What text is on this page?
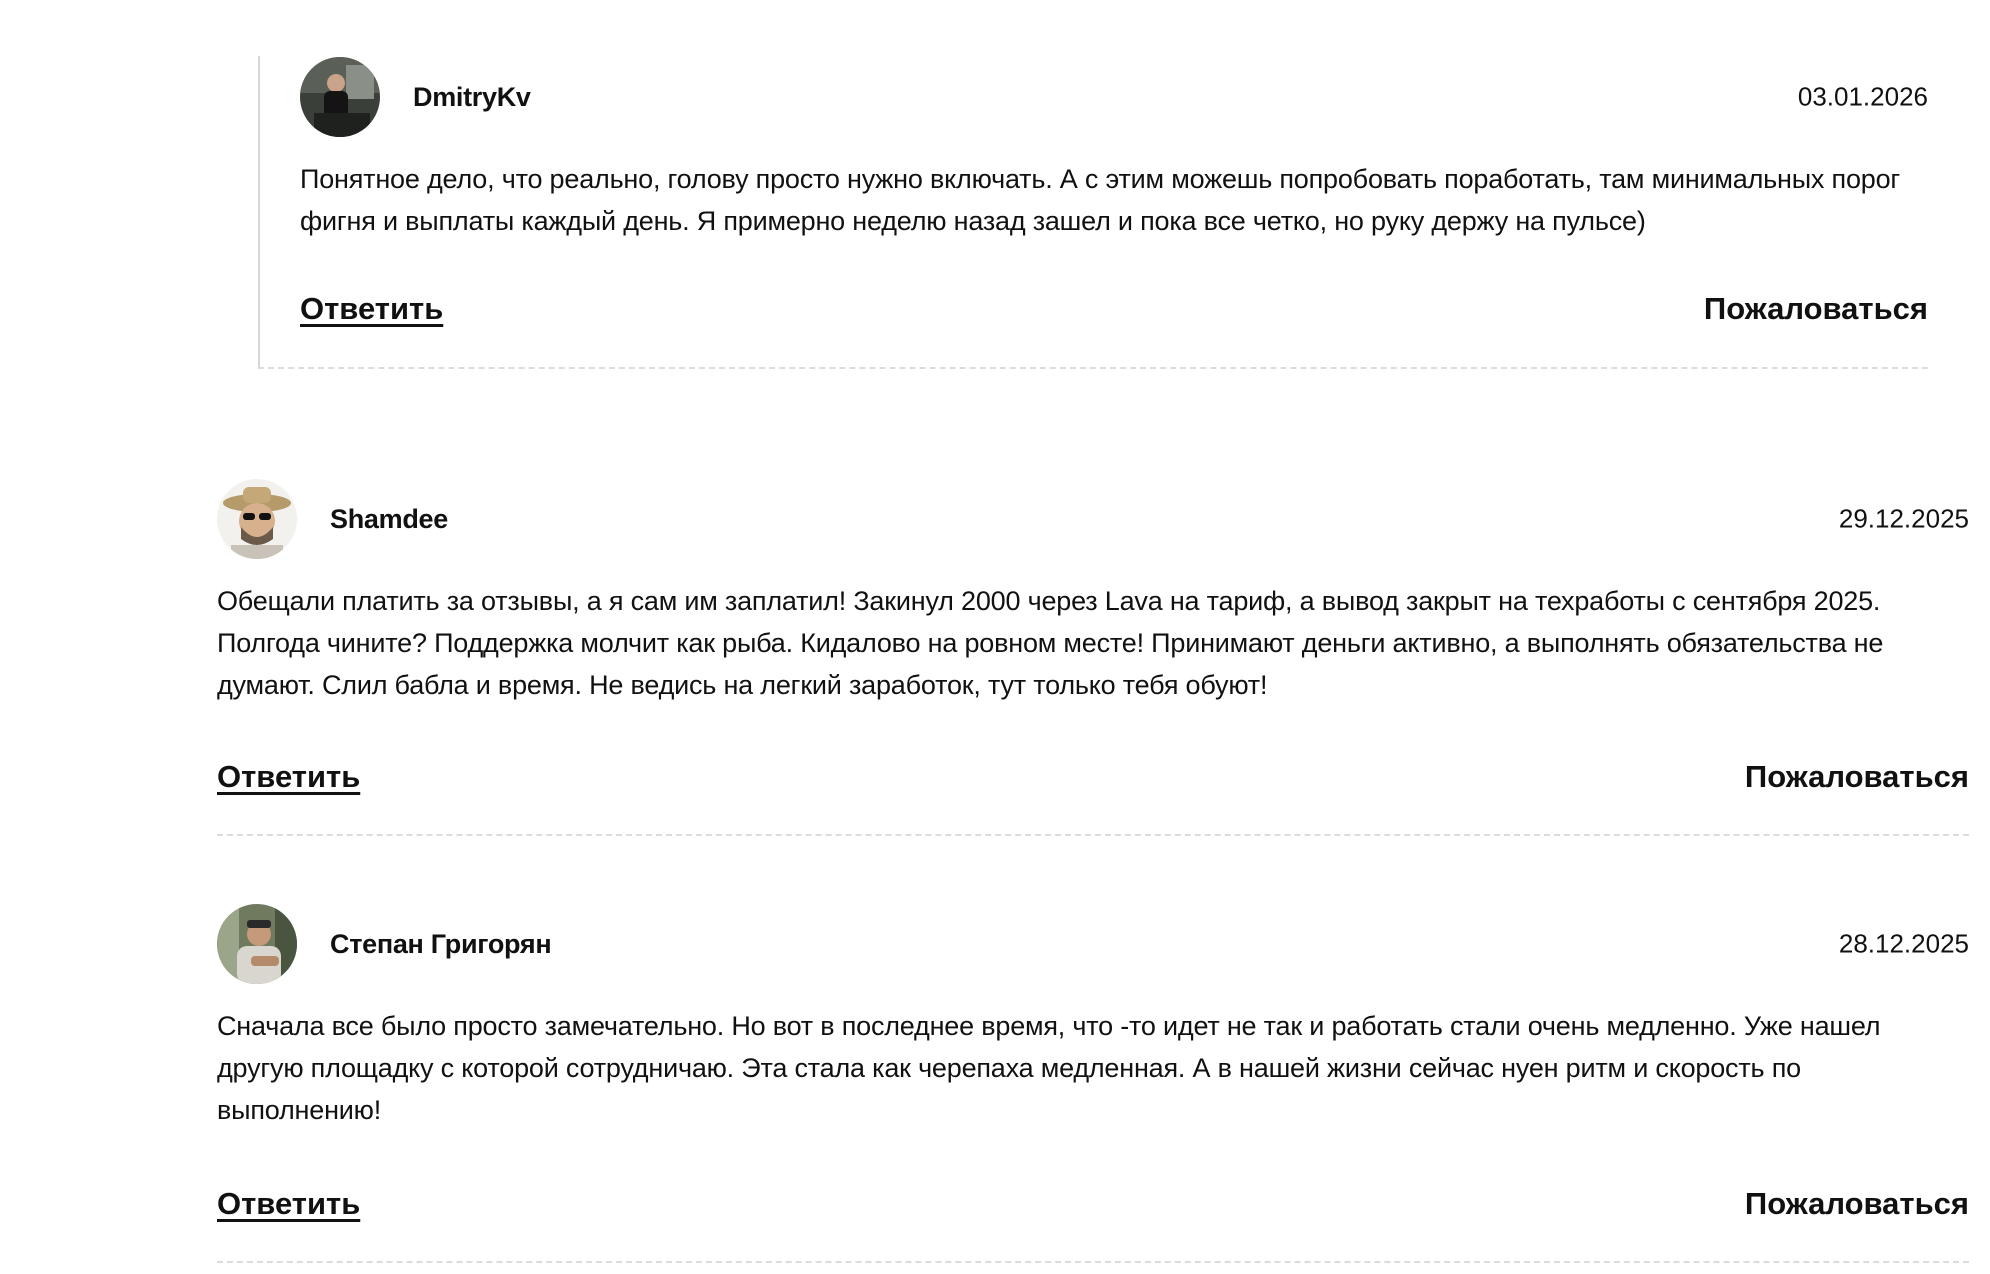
DmitryKv	03.01.2026
Понятное дело, что реально, голову просто нужно включать. А с этим можешь попробовать поработать, там минимальных порог фигня и выплаты каждый день. Я примерно неделю назад зашел и пока все четко, но руку держу на пульсе)
Ответить	Пожаловаться
Shamdee	29.12.2025
Обещали платить за отзывы, а я сам им заплатил! Закинул 2000 через Lava на тариф, а вывод закрыт на техработы с сентября 2025. Полгода чините? Поддержка молчит как рыба. Кидалово на ровном месте! Принимают деньги активно, а выполнять обязательства не думают. Слил бабла и время. Не ведись на легкий заработок, тут только тебя обуют!
Ответить	Пожаловаться
Степан Григорян	28.12.2025
Сначала все было просто замечательно. Но вот в последнее время, что -то идет не так и работать стали очень медленно. Уже нашел другую площадку с которой сотрудничаю. Эта стала как черепаха медленная. А в нашей жизни сейчас нуен ритм и скорость по выполнению!
Ответить	Пожаловаться
